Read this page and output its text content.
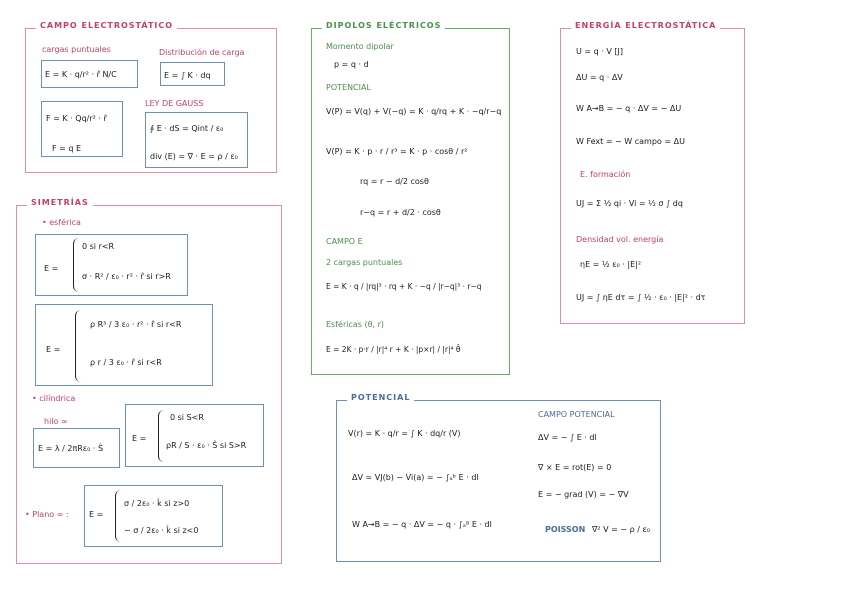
CAMPO ELECTROSTÁTICO
cargas puntuales
E = K · q/r² · r̂ N/C
Distribución de carga
E = ∫ K · dq
F = K · Qq/r² · r̂
F = q E
LEY DE GAUSS
∮ E · dS = Qint / ε₀
div (E) = ∇ · E = ρ / ε₀
SIMETRÍAS
• esférica
E =
0 si r<R
σ · R² / ε₀ · r² · r̂ si r>R
E =
ρ R³ / 3 ε₀ · r² · r̂ si r<R
ρ r / 3 ε₀ · r̂ si r<R
• cilíndrica
hilo ∞
E = λ / 2πRε₀ · Ŝ
E =
0 si S<R
ρR / S · ε₀ · Ŝ si S>R
• Plano ∞ :	E =
σ / 2ε₀ · k̂ si z>0
− σ / 2ε₀ · k̂ si z<0
DIPOLOS ELÉCTRICOS
Momento dipolar
p = q · d
POTENCIAL
V(P) = V(q) + V(−q) = K · q/rq + K · −q/r−q
V(P) = K · p · r / r³ = K · p · cosθ / r²
rq = r − d/2 cosθ
r−q = r + d/2 · cosθ
CAMPO E
2 cargas puntuales
E = K · q / |rq|³ · rq + K · −q / |r−q|³ · r−q
Esféricas (θ, r)
E = 2K · p·r / |r|⁴ r + K · |p×r| / |r|⁴ θ̂
ENERGÍA ELECTROSTÁTICA
U = q · V [J]
ΔU = q · ΔV
W A→B = − q · ΔV = − ΔU
W Fext = − W campo = ΔU
E. formación
UJ = Σ ½ qi · Vi = ½ σ ∫ dq
Densidad vol. energía
ηE = ½ ε₀ · |E|²
UJ = ∫ ηE dτ = ∫ ½ · ε₀ · |E|² · dτ
POTENCIAL
V(r) = K · q/r = ∫ K · dq/r (V)
ΔV = VJ(b) − Vi(a) = − ∫ₐᵇ E · dl
W A→B = − q · ΔV = − q · ∫ₐᴮ E · dl
CAMPO POTENCIAL
ΔV = − ∫ E · dl
∇ × E = rot(E) = 0
E = − grad (V) = − ∇V
POISSON ∇² V = − ρ / ε₀
